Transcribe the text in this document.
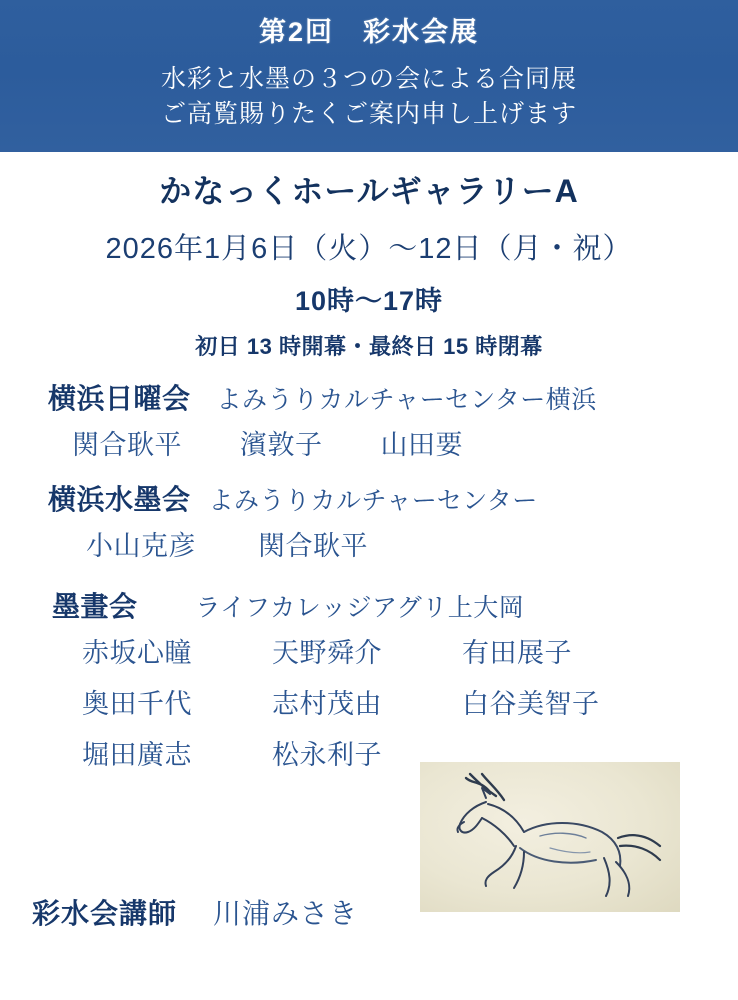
第2回　彩水会展
水彩と水墨の３つの会による合同展
ご高覧賜りたくご案内申し上げます
かなっくホールギャラリーA
2026年1月6日（火）〜12日（月・祝）
10時〜17時
初日 13 時開幕・最終日 15 時閉幕
横浜日曜会 よみうりカルチャーセンター横浜
関合耿平 濱敦子 山田要
横浜水墨会 よみうりカルチャーセンター
小山克彦 関合耿平
墨畫会 ライフカレッジアグリ上大岡
赤坂心瞳	天野舜介	有田展子
奥田千代	志村茂由	白谷美智子
堀田廣志	松永利子
彩水会講師 川浦みさき
